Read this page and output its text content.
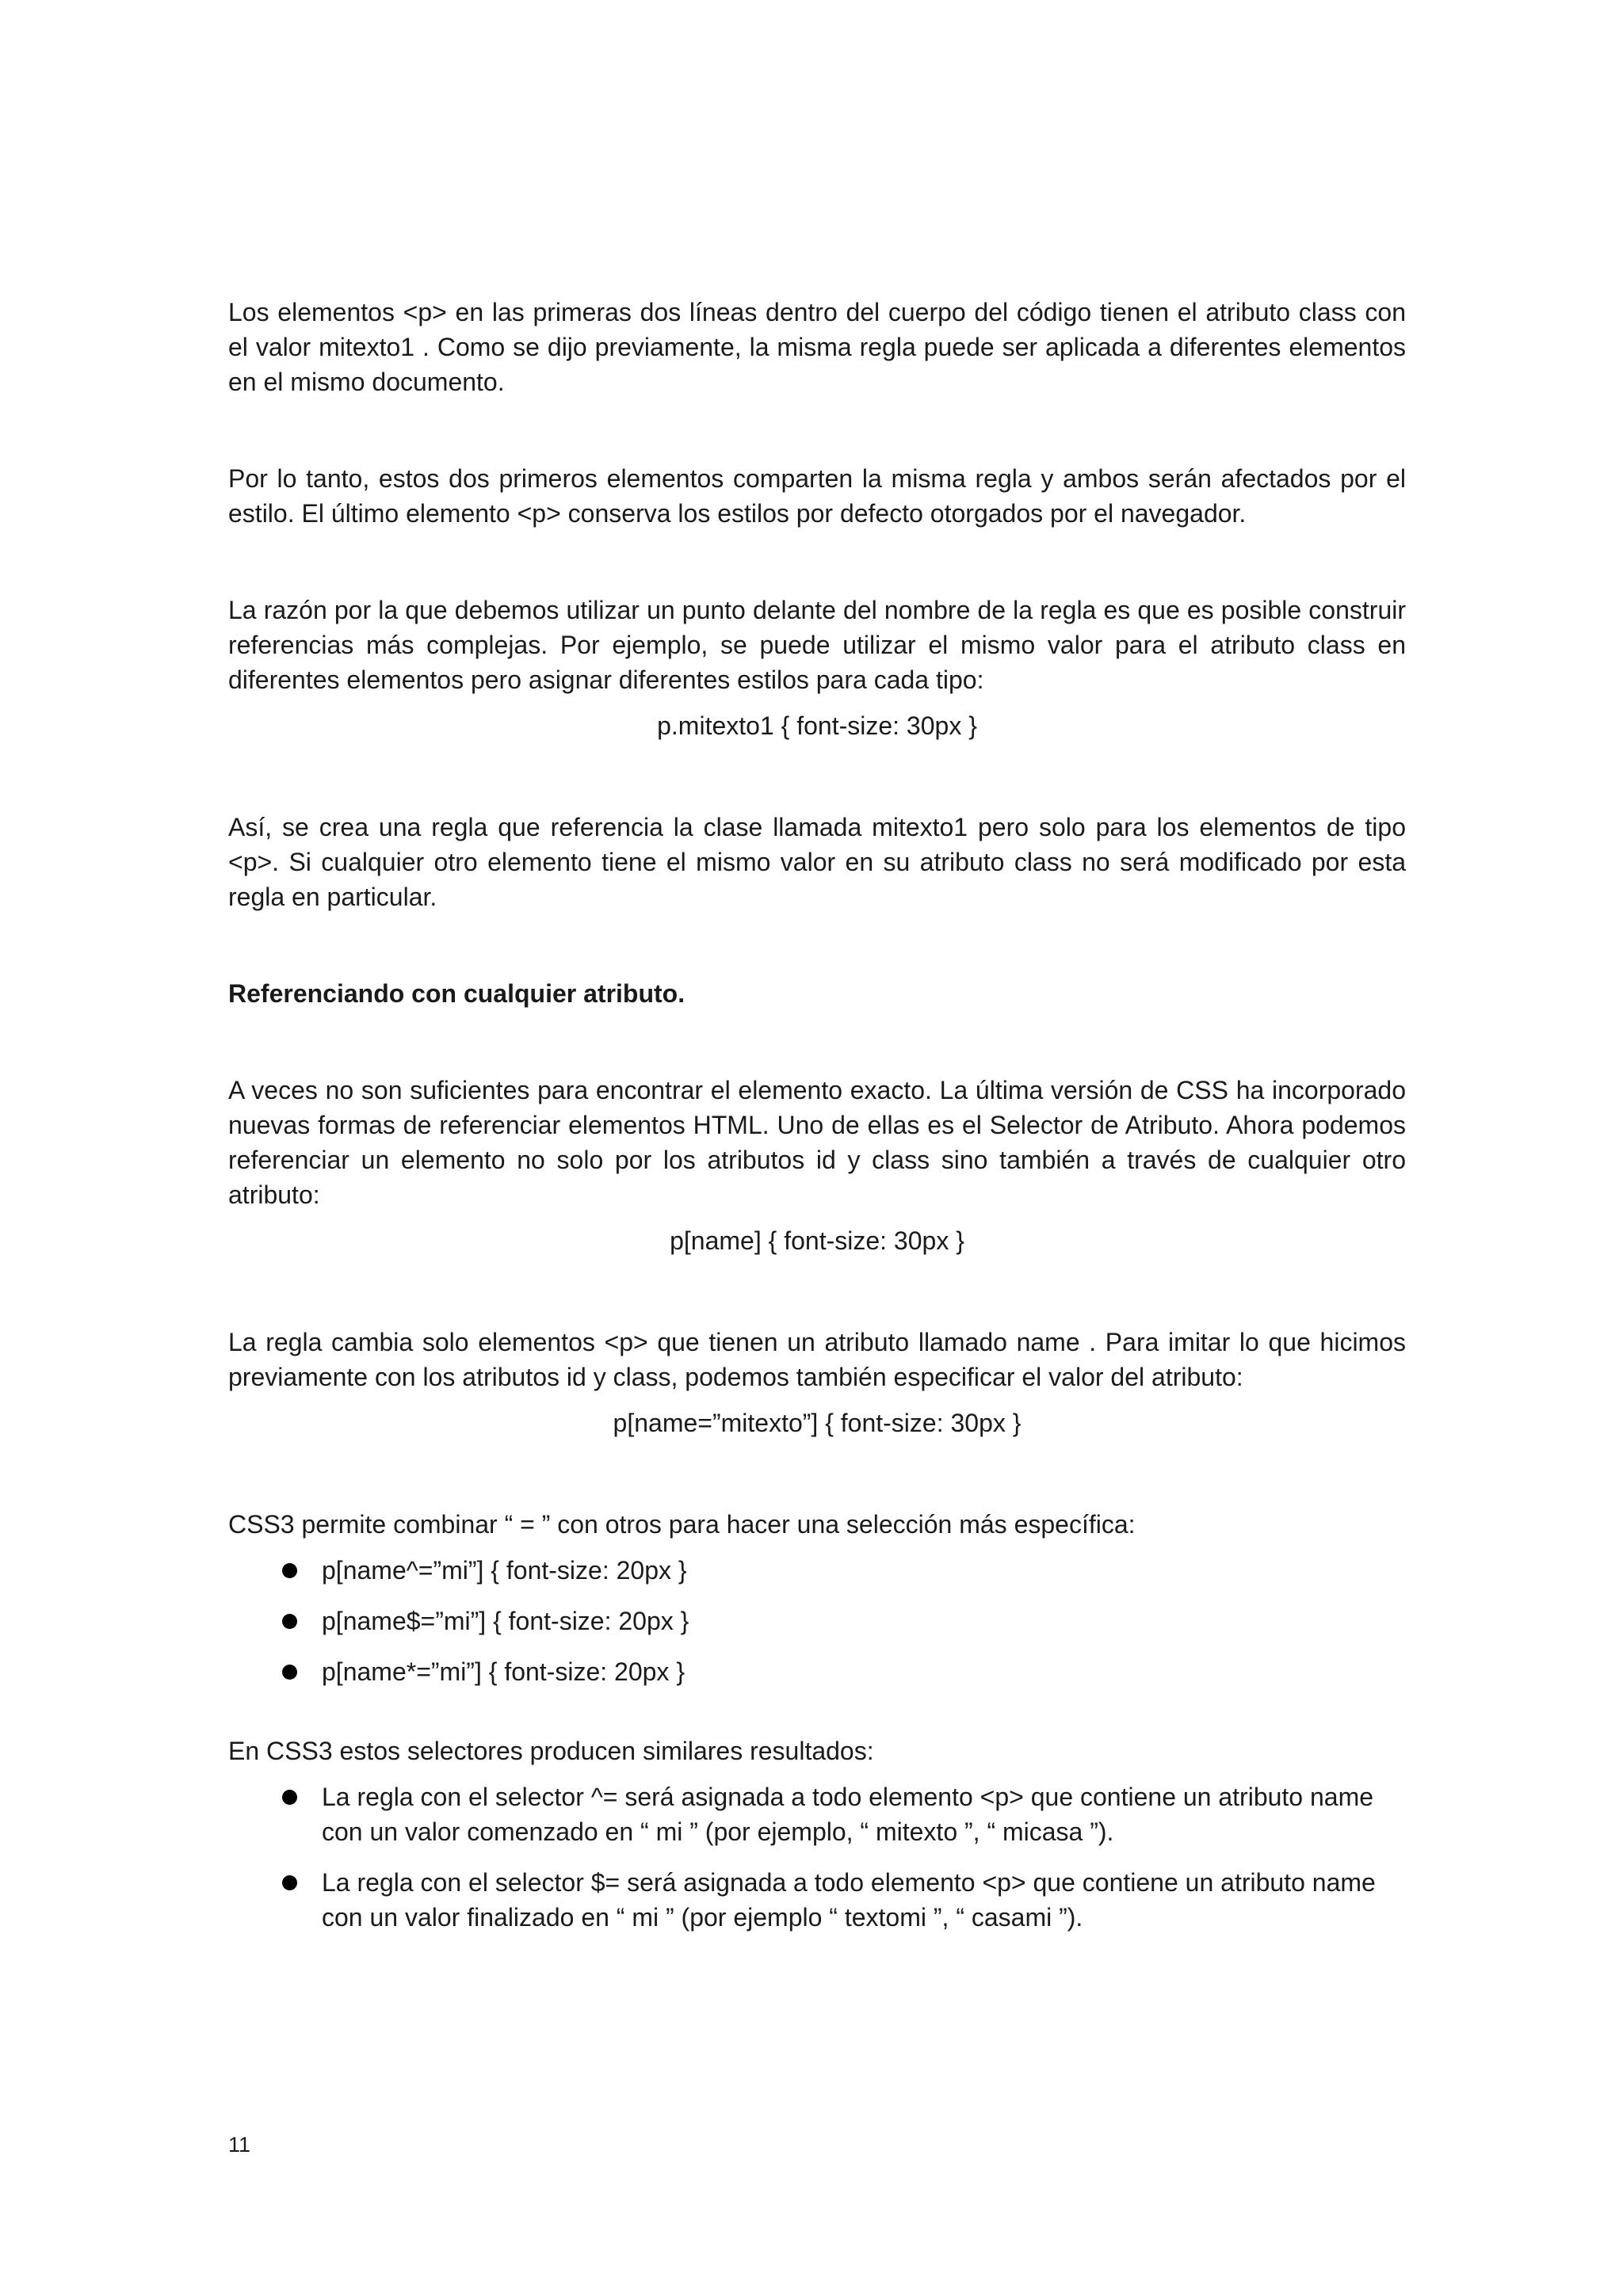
Los elementos <p> en las primeras dos líneas dentro del cuerpo del código tienen el atributo class con el valor mitexto1 . Como se dijo previamente, la misma regla puede ser aplicada a diferentes elementos en el mismo documento.

Por lo tanto, estos dos primeros elementos comparten la misma regla y ambos serán afectados por el estilo. El último elemento <p> conserva los estilos por defecto otorgados por el navegador.

La razón por la que debemos utilizar un punto delante del nombre de la regla es que es posible construir referencias más complejas. Por ejemplo, se puede utilizar el mismo valor para el atributo class en diferentes elementos pero asignar diferentes estilos para cada tipo:

p.mitexto1 { font-size: 30px }

Así, se crea una regla que referencia la clase llamada mitexto1 pero solo para los elementos de tipo <p>. Si cualquier otro elemento tiene el mismo valor en su atributo class no será modificado por esta regla en particular.

Referenciando con cualquier atributo.

A veces no son suficientes para encontrar el elemento exacto. La última versión de CSS ha incorporado nuevas formas de referenciar elementos HTML. Uno de ellas es el Selector de Atributo. Ahora podemos referenciar un elemento no solo por los atributos id y class sino también a través de cualquier otro atributo:

p[name] { font-size: 30px }

La regla cambia solo elementos <p> que tienen un atributo llamado name . Para imitar lo que hicimos previamente con los atributos id y class, podemos también especificar el valor del atributo:

p[name=”mitexto”] { font-size: 30px }

CSS3 permite combinar “ = ” con otros para hacer una selección más específica:

p[name^=”mi”] { font-size: 20px }
p[name$=”mi”] { font-size: 20px }
p[name*=”mi”] { font-size: 20px }

En CSS3 estos selectores producen similares resultados:

La regla con el selector ^= será asignada a todo elemento <p> que contiene un atributo name con un valor comenzado en “ mi ” (por ejemplo, “ mitexto ”, “ micasa ”).
La regla con el selector $= será asignada a todo elemento <p> que contiene un atributo name con un valor finalizado en “ mi ” (por ejemplo “ textomi ”, “ casami ”).
11
